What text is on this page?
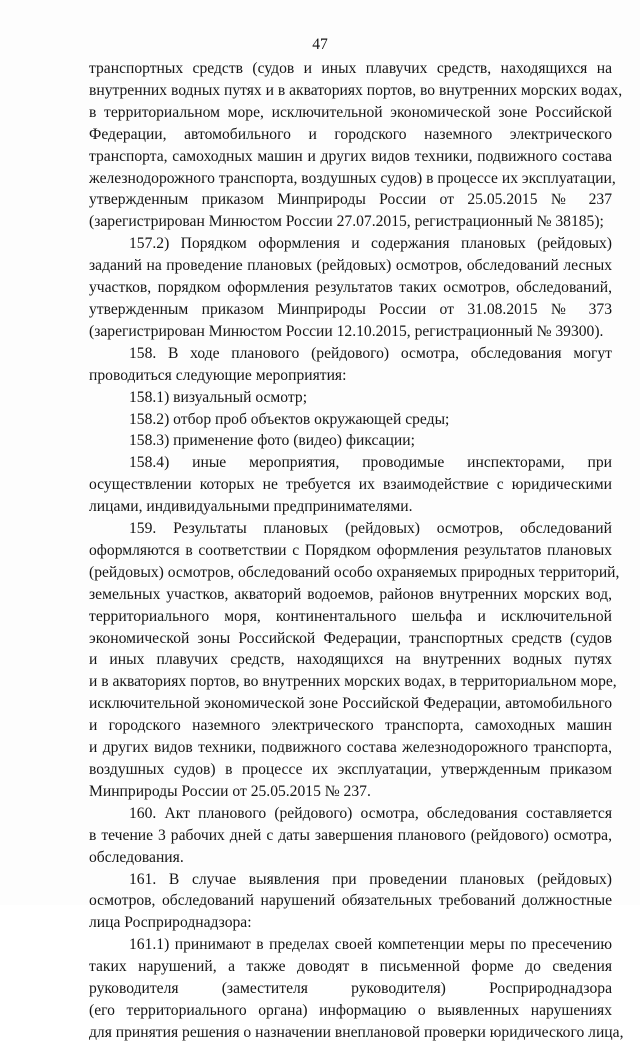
47
транспортных средств (судов и иных плавучих средств, находящихся на
внутренних водных путях и в акваториях портов, во внутренних морских водах,
в территориальном море, исключительной экономической зоне Российской
Федерации, автомобильного и городского наземного электрического
транспорта, самоходных машин и других видов техники, подвижного состава
железнодорожного транспорта, воздушных судов) в процессе их эксплуатации,
утвержденным приказом Минприроды России от 25.05.2015 № 237
(зарегистрирован Минюстом России 27.07.2015, регистрационный № 38185);
157.2) Порядком оформления и содержания плановых (рейдовых)
заданий на проведение плановых (рейдовых) осмотров, обследований лесных
участков, порядком оформления результатов таких осмотров, обследований,
утвержденным приказом Минприроды России от 31.08.2015 № 373
(зарегистрирован Минюстом России 12.10.2015, регистрационный № 39300).
158. В ходе планового (рейдового) осмотра, обследования могут
проводиться следующие мероприятия:
158.1) визуальный осмотр;
158.2) отбор проб объектов окружающей среды;
158.3) применение фото (видео) фиксации;
158.4) иные мероприятия, проводимые инспекторами, при
осуществлении которых не требуется их взаимодействие с юридическими
лицами, индивидуальными предпринимателями.
159. Результаты плановых (рейдовых) осмотров, обследований
оформляются в соответствии с Порядком оформления результатов плановых
(рейдовых) осмотров, обследований особо охраняемых природных территорий,
земельных участков, акваторий водоемов, районов внутренних морских вод,
территориального моря, континентального шельфа и исключительной
экономической зоны Российской Федерации, транспортных средств (судов
и иных плавучих средств, находящихся на внутренних водных путях
и в акваториях портов, во внутренних морских водах, в территориальном море,
исключительной экономической зоне Российской Федерации, автомобильного
и городского наземного электрического транспорта, самоходных машин
и других видов техники, подвижного состава железнодорожного транспорта,
воздушных судов) в процессе их эксплуатации, утвержденным приказом
Минприроды России от 25.05.2015 № 237.
160. Акт планового (рейдового) осмотра, обследования составляется
в течение 3 рабочих дней с даты завершения планового (рейдового) осмотра,
обследования.
161. В случае выявления при проведении плановых (рейдовых)
осмотров, обследований нарушений обязательных требований должностные
лица Росприроднадзора:
161.1) принимают в пределах своей компетенции меры по пресечению
таких нарушений, а также доводят в письменной форме до сведения
руководителя (заместителя руководителя) Росприроднадзора
(его территориального органа) информацию о выявленных нарушениях
для принятия решения о назначении внеплановой проверки юридического лица,
